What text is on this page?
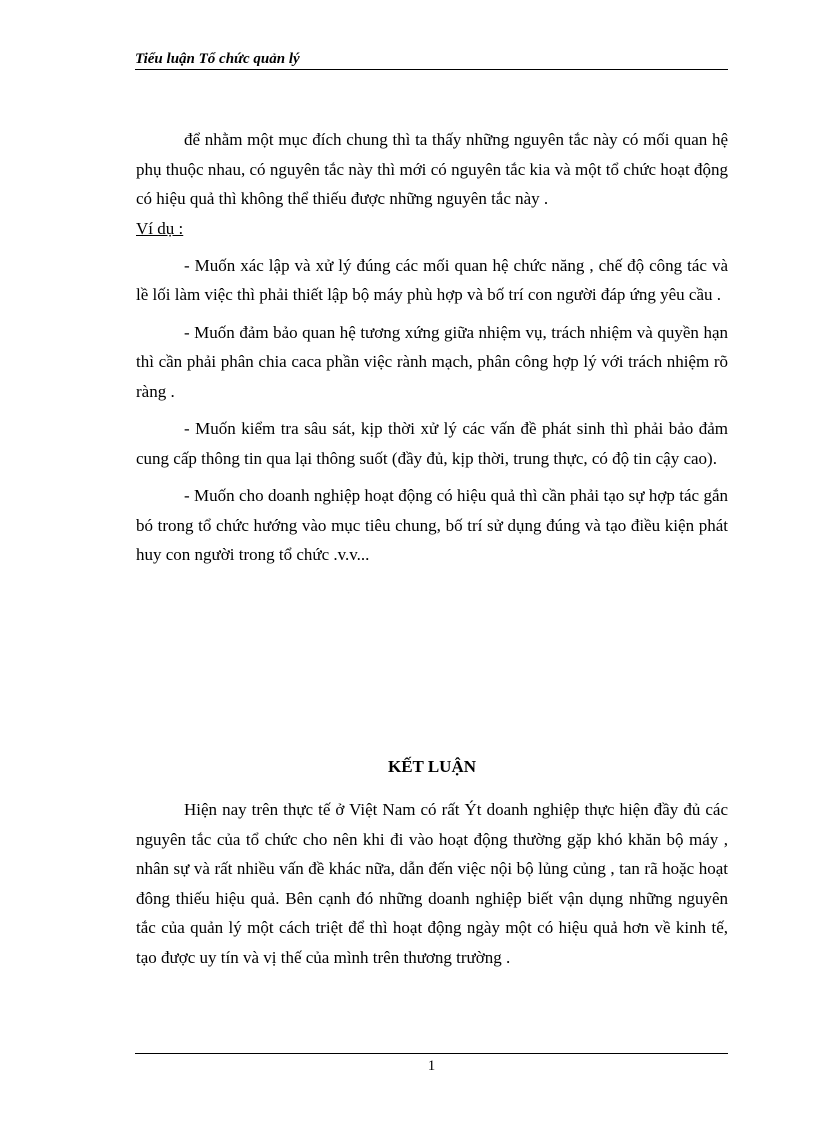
Tiểu luận Tổ chức quản lý

để nhằm một mục đích chung thì ta thấy những nguyên tắc này có mối quan hệ phụ thuộc nhau, có nguyên tắc này thì mới có nguyên tắc kia và một tổ chức hoạt động có hiệu quả thì không thể thiếu được những nguyên tắc này .

Ví dụ :

- Muốn xác lập và xử lý đúng các mối quan hệ chức năng , chế độ công tác và lề lối làm việc thì phải thiết lập bộ máy phù hợp và bố trí con người đáp ứng yêu cầu .

- Muốn đảm bảo quan hệ tương xứng giữa nhiệm vụ, trách nhiệm và quyền hạn thì cần phải phân chia caca phần việc rành mạch, phân công hợp lý với trách nhiệm rõ ràng .

- Muốn kiểm tra sâu sát, kịp thời xử lý các vấn đề phát sinh thì phải bảo đảm cung cấp thông tin qua lại thông suốt (đầy đủ, kịp thời, trung thực, có độ tin cậy cao).

- Muốn cho doanh nghiệp hoạt động có hiệu quả thì cần phải tạo sự hợp tác gắn bó trong tổ chức hướng vào mục tiêu chung, bố trí sử dụng đúng và tạo điều kiện phát huy con người trong tổ chức .v.v...

KẾT LUẬN

Hiện nay trên thực tế ở Việt Nam có rất Ýt doanh nghiệp thực hiện đầy đủ các nguyên tắc của tổ chức cho nên khi đi vào hoạt động thường gặp khó khăn bộ máy , nhân sự và rất nhiều vấn đề khác nữa, dẫn đến việc nội bộ lủng củng , tan rã hoặc hoạt đông thiếu hiệu quả. Bên cạnh đó những doanh nghiệp biết vận dụng những nguyên tắc của quản lý một cách triệt để thì hoạt động ngày một có hiệu quả hơn về kinh tế, tạo được uy tín và vị thế của mình trên thương trường .

1
